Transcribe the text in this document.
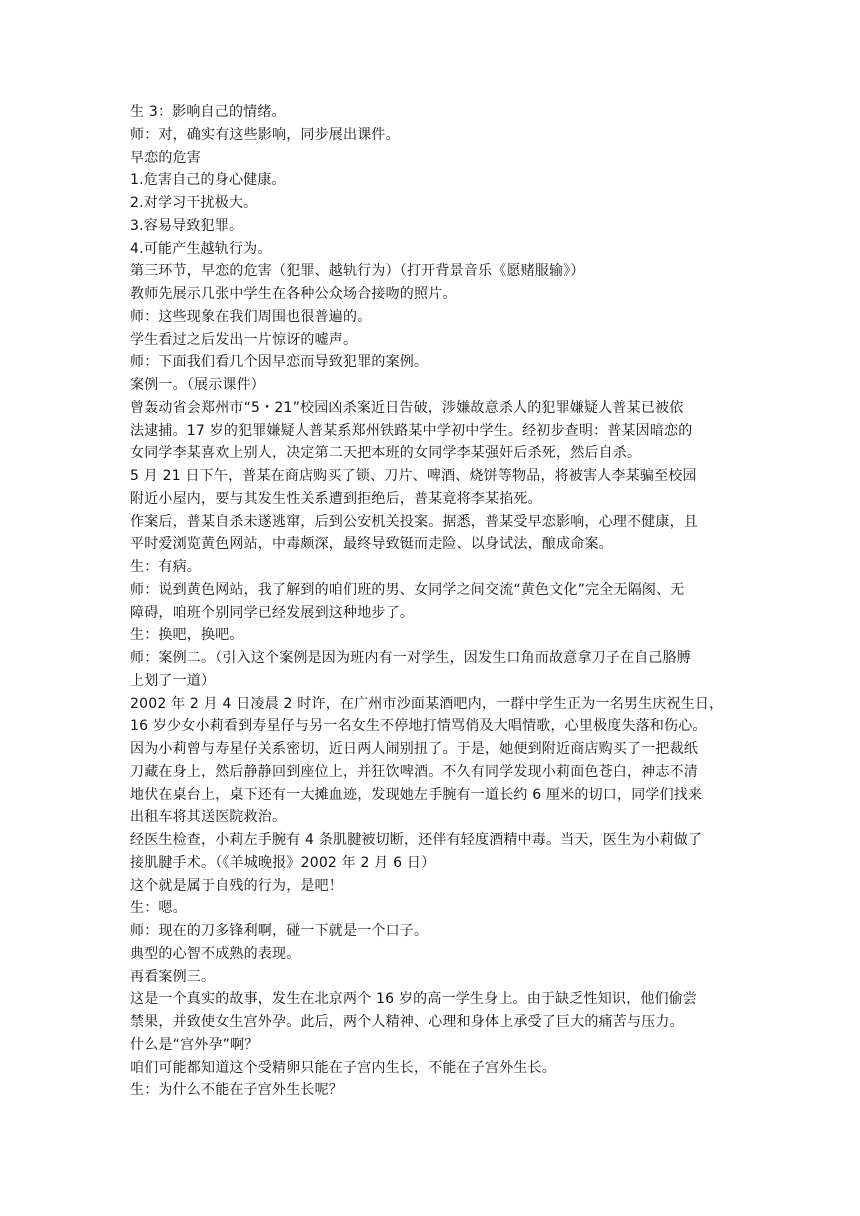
生 3：影响自己的情绪。
师：对，确实有这些影响，同步展出课件。
早恋的危害
1.危害自己的身心健康。
2.对学习干扰极大。
3.容易导致犯罪。
4.可能产生越轨行为。
第三环节，早恋的危害（犯罪、越轨行为）（打开背景音乐《愿赌服输》）
教师先展示几张中学生在各种公众场合接吻的照片。
师：这些现象在我们周围也很普遍的。
学生看过之后发出一片惊讶的嘘声。
师：下面我们看几个因早恋而导致犯罪的案例。
案例一。（展示课件）
曾轰动省会郑州市“5・21”校园凶杀案近日告破，涉嫌故意杀人的犯罪嫌疑人普某已被依
法逮捕。17 岁的犯罪嫌疑人普某系郑州铁路某中学初中学生。经初步查明：普某因暗恋的
女同学李某喜欢上别人，决定第二天把本班的女同学李某强奸后杀死，然后自杀。
5 月 21 日下午，普某在商店购买了锁、刀片、啤酒、烧饼等物品，将被害人李某骗至校园
附近小屋内，要与其发生性关系遭到拒绝后，普某竟将李某掐死。
作案后，普某自杀未遂逃窜，后到公安机关投案。据悉，普某受早恋影响，心理不健康，且
平时爱浏览黄色网站，中毒颇深，最终导致铤而走险、以身试法，酿成命案。
生：有病。
师：说到黄色网站，我了解到的咱们班的男、女同学之间交流“黄色文化”完全无隔阂、无
障碍，咱班个别同学已经发展到这种地步了。
生：换吧，换吧。
师：案例二。（引入这个案例是因为班内有一对学生，因发生口角而故意拿刀子在自己胳膊
上划了一道）
2002 年 2 月 4 日凌晨 2 时许，在广州市沙面某酒吧内，一群中学生正为一名男生庆祝生日，
16 岁少女小莉看到寿星仔与另一名女生不停地打情骂俏及大唱情歌，心里极度失落和伤心。
因为小莉曾与寿星仔关系密切，近日两人闹别扭了。于是，她便到附近商店购买了一把裁纸
刀藏在身上，然后静静回到座位上，并狂饮啤酒。不久有同学发现小莉面色苍白，神志不清
地伏在桌台上，桌下还有一大摊血迹，发现她左手腕有一道长约 6 厘米的切口，同学们找来
出租车将其送医院救治。
经医生检查，小莉左手腕有 4 条肌腱被切断，还伴有轻度酒精中毒。当天，医生为小莉做了
接肌腱手术。（《羊城晚报》2002 年 2 月 6 日）
这个就是属于自残的行为，是吧！
生：嗯。
师：现在的刀多锋利啊，碰一下就是一个口子。
典型的心智不成熟的表现。
再看案例三。
这是一个真实的故事，发生在北京两个 16 岁的高一学生身上。由于缺乏性知识，他们偷尝
禁果，并致使女生宫外孕。此后，两个人精神、心理和身体上承受了巨大的痛苦与压力。
什么是“宫外孕”啊？
咱们可能都知道这个受精卵只能在子宫内生长，不能在子宫外生长。
生：为什么不能在子宫外生长呢？
